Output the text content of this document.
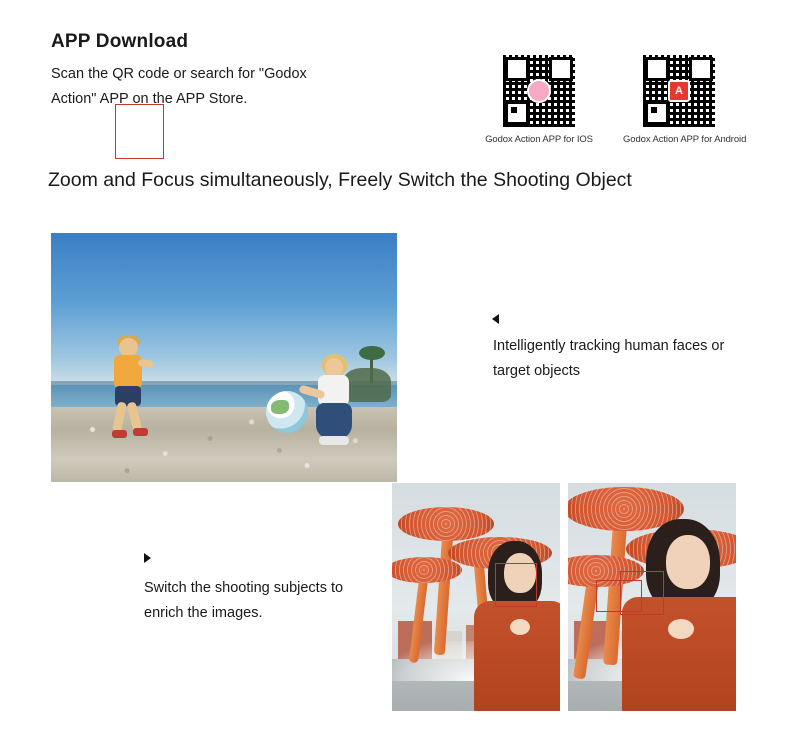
APP Download
Scan the QR code or search for "Godox Action" APP on the APP Store.
Godox Action APP for IOS
A
Godox Action APP for Android
Zoom and Focus simultaneously, Freely Switch the Shooting Object
Intelligently tracking human faces or target objects
Switch the shooting subjects to enrich the images.
